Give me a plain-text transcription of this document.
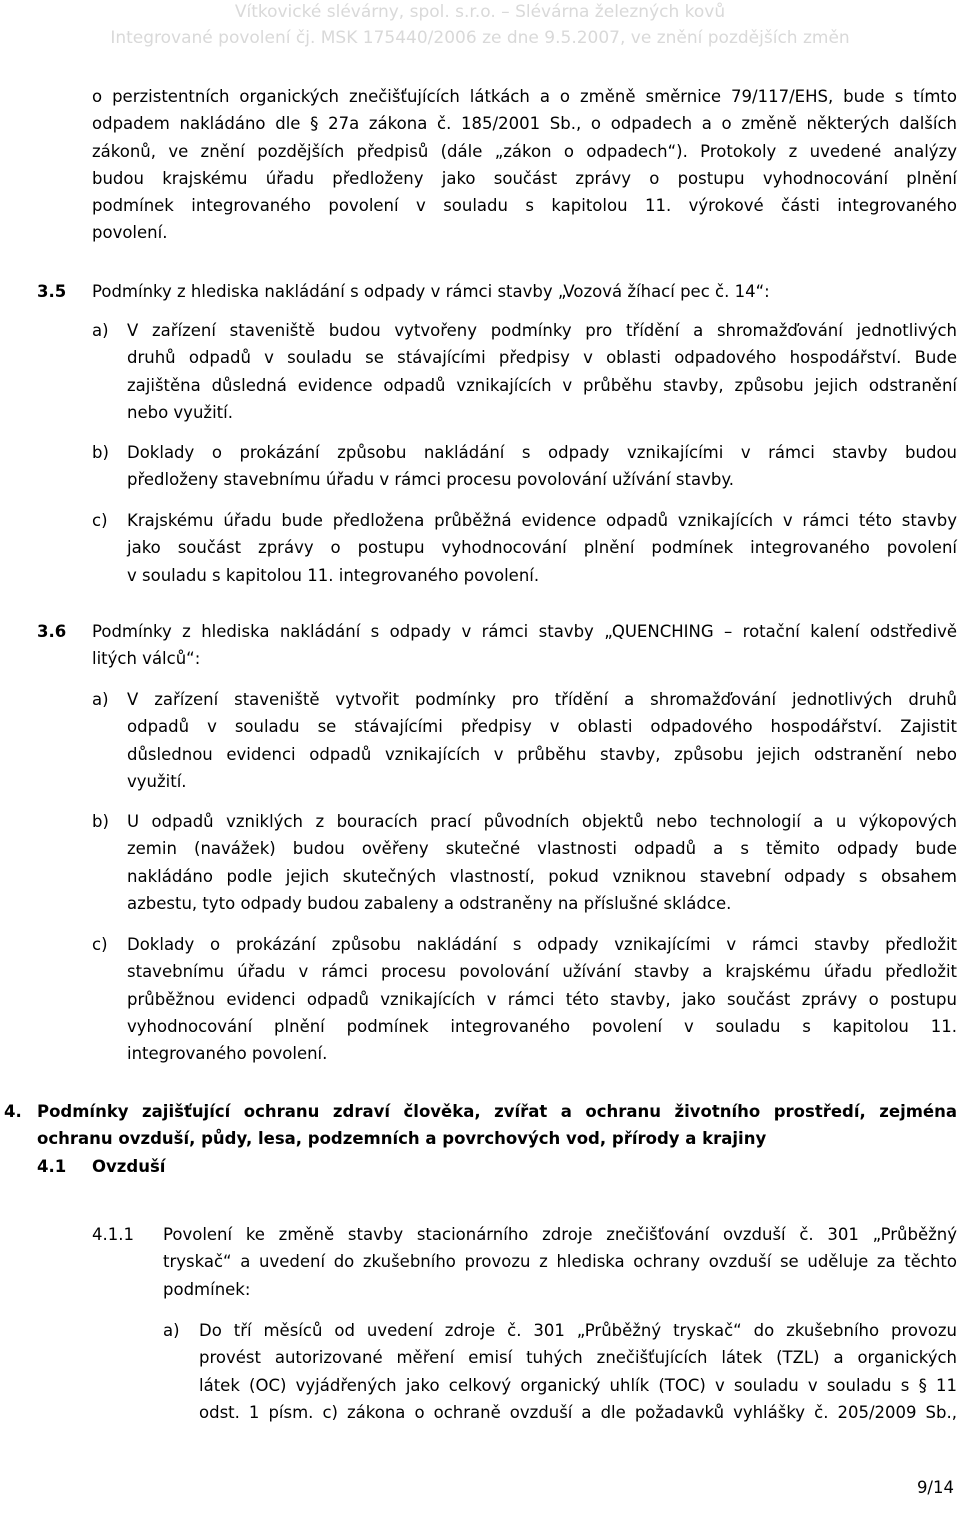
Vítkovické slévárny, spol. s.r.o. – Slévárna železných kovů
Integrované povolení čj. MSK 175440/2006 ze dne 9.5.2007, ve znění pozdějších změn

o perzistentních organických znečišťujících látkách a o změně směrnice 79/117/EHS, bude s tímto

odpadem nakládáno dle § 27a zákona č. 185/2001 Sb., o odpadech a o změně některých dalších

zákonů, ve znění pozdějších předpisů (dále „zákon o odpadech“). Protokoly z uvedené analýzy

budou krajskému úřadu předloženy jako součást zprávy o postupu vyhodnocování plnění

podmínek integrovaného povolení v souladu s kapitolou 11. výrokové části integrovaného

povolení.

3.5 Podmínky z hlediska nakládání s odpady v rámci stavby „Vozová žíhací pec č. 14“:

a) V zařízení staveniště budou vytvořeny podmínky pro třídění a shromažďování jednotlivých

druhů odpadů v souladu se stávajícími předpisy v oblasti odpadového hospodářství. Bude

zajištěna důsledná evidence odpadů vznikajících v průběhu stavby, způsobu jejich odstranění

nebo využití.

b) Doklady o prokázání způsobu nakládání s odpady vznikajícími v rámci stavby budou

předloženy stavebnímu úřadu v rámci procesu povolování užívání stavby.

c) Krajskému úřadu bude předložena průběžná evidence odpadů vznikajících v rámci této stavby

jako součást zprávy o postupu vyhodnocování plnění podmínek integrovaného povolení

v souladu s kapitolou 11. integrovaného povolení.

3.6 Podmínky z hlediska nakládání s odpady v rámci stavby „QUENCHING – rotační kalení odstředivě

litých válců“:

a) V zařízení staveniště vytvořit podmínky pro třídění a shromažďování jednotlivých druhů

odpadů v souladu se stávajícími předpisy v oblasti odpadového hospodářství. Zajistit

důslednou evidenci odpadů vznikajících v průběhu stavby, způsobu jejich odstranění nebo

využití.

b) U odpadů vzniklých z bouracích prací původních objektů nebo technologií a u výkopových

zemin (navážek) budou ověřeny skutečné vlastnosti odpadů a s těmito odpady bude

nakládáno podle jejich skutečných vlastností, pokud vzniknou stavební odpady s obsahem

azbestu, tyto odpady budou zabaleny a odstraněny na příslušné skládce.

c) Doklady o prokázání způsobu nakládání s odpady vznikajícími v rámci stavby předložit

stavebnímu úřadu v rámci procesu povolování užívání stavby a krajskému úřadu předložit

průběžnou evidenci odpadů vznikajících v rámci této stavby, jako součást zprávy o postupu

vyhodnocování plnění podmínek integrovaného povolení v souladu s kapitolou 11.

integrovaného povolení.

4. Podmínky zajišťující ochranu zdraví člověka, zvířat a ochranu životního prostředí, zejména

ochranu ovzduší, půdy, lesa, podzemních a povrchových vod, přírody a krajiny

4.1 Ovzduší
4.1.1 Povolení ke změně stavby stacionárního zdroje znečišťování ovzduší č. 301 „Průběžný

tryskač“ a uvedení do zkušebního provozu z hlediska ochrany ovzduší se uděluje za těchto

podmínek:

a) Do tří měsíců od uvedení zdroje č. 301 „Průběžný tryskač“ do zkušebního provozu

provést autorizované měření emisí tuhých znečišťujících látek (TZL) a organických

látek (OC) vyjádřených jako celkový organický uhlík (TOC) v souladu v souladu s § 11

odst. 1 písm. c) zákona o ochraně ovzduší a dle požadavků vyhlášky č. 205/2009 Sb.,

9/14
